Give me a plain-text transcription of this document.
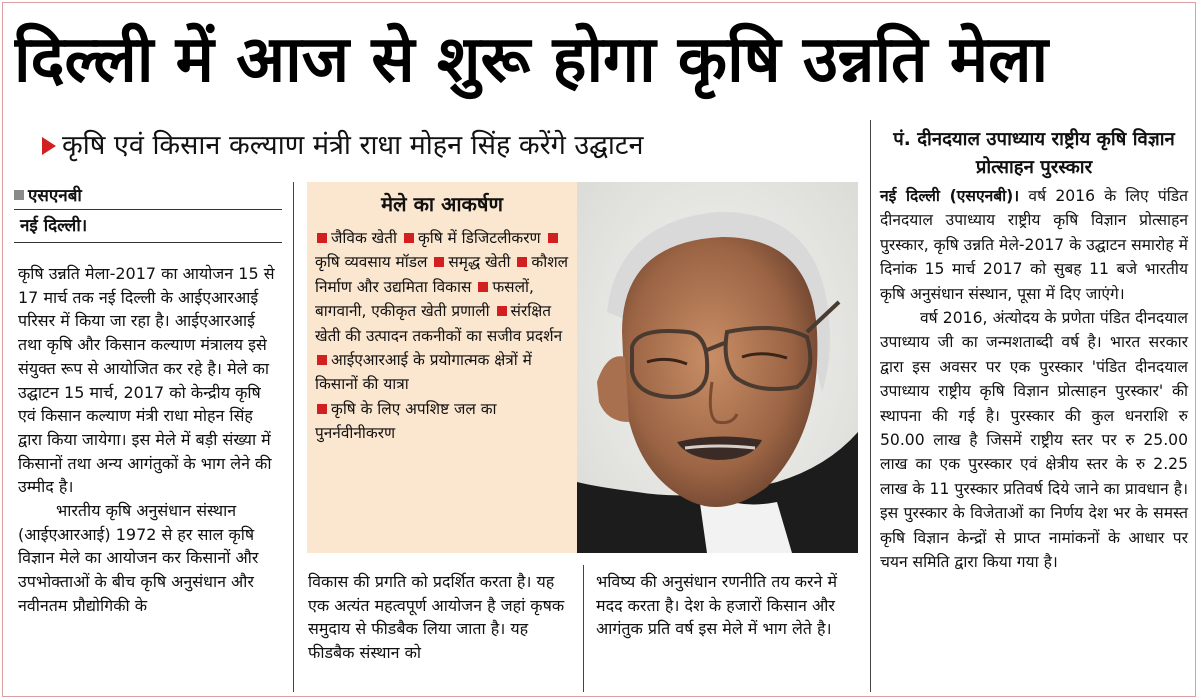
दिल्ली में आज से शुरू होगा कृषि उन्नति मेला
कृषि एवं किसान कल्याण मंत्री राधा मोहन सिंह करेंगे उद्घाटन
एसएनबी
नई दिल्ली।

कृषि उन्नति मेला-2017 का आयोजन 15 से 17 मार्च तक नई दिल्ली के आईएआरआई परिसर में किया जा रहा है। आईएआरआई तथा कृषि और किसान कल्याण मंत्रालय इसे संयुक्त रूप से आयोजित कर रहे है। मेले का उद्घाटन 15 मार्च, 2017 को केन्द्रीय कृषि एवं किसान कल्याण मंत्री राधा मोहन सिंह द्वारा किया जायेगा। इस मेले में बड़ी संख्या में किसानों तथा अन्य आगंतुकों के भाग लेने की उम्मीद है।

भारतीय कृषि अनुसंधान संस्थान (आईएआरआई) 1972 से हर साल कृषि विज्ञान मेले का आयोजन कर किसानों और उपभोक्ताओं के बीच कृषि अनुसंधान और नवीनतम प्रौद्योगिकी के

मेले का आकर्षण
जैविक खेती कृषि में डिजिटलीकरण कृषि व्यवसाय मॉडल समृद्ध खेती कौशल निर्माण और उद्यमिता विकास फसलों, बागवानी, एकीकृत खेती प्रणाली संरक्षित खेती की उत्पादन तकनीकों का सजीव प्रदर्शन
आईएआरआई के प्रयोगात्मक क्षेत्रों में किसानों की यात्रा
कृषि के लिए अपशिष्ट जल का पुनर्नवीनीकरण
विकास की प्रगति को प्रदर्शित करता है। यह एक अत्यंत महत्वपूर्ण आयोजन है जहां कृषक समुदाय से फीडबैक लिया जाता है। यह फीडबैक संस्थान को
भविष्य की अनुसंधान रणनीति तय करने में मदद करता है। देश के हजारों किसान और आगंतुक प्रति वर्ष इस मेले में भाग लेते है।
पं. दीनदयाल उपाध्याय राष्ट्रीय कृषि विज्ञान प्रोत्साहन पुरस्कार

नई दिल्ली (एसएनबी)। वर्ष 2016 के लिए पंडित दीनदयाल उपाध्याय राष्ट्रीय कृषि विज्ञान प्रोत्साहन पुरस्कार, कृषि उन्नति मेले-2017 के उद्घाटन समारोह में दिनांक 15 मार्च 2017 को सुबह 11 बजे भारतीय कृषि अनुसंधान संस्थान, पूसा में दिए जाएंगे।

वर्ष 2016, अंत्योदय के प्रणेता पंडित दीनदयाल उपाध्याय जी का जन्मशताब्दी वर्ष है। भारत सरकार द्वारा इस अवसर पर एक पुरस्कार 'पंडित दीनदयाल उपाध्याय राष्ट्रीय कृषि विज्ञान प्रोत्साहन पुरस्कार' की स्थापना की गई है। पुरस्कार की कुल धनराशि रु 50.00 लाख है जिसमें राष्ट्रीय स्तर पर रु 25.00 लाख का एक पुरस्कार एवं क्षेत्रीय स्तर के रु 2.25 लाख के 11 पुरस्कार प्रतिवर्ष दिये जाने का प्रावधान है। इस पुरस्कार के विजेताओं का निर्णय देश भर के समस्त कृषि विज्ञान केन्द्रों से प्राप्त नामांकनों के आधार पर चयन समिति द्वारा किया गया है।
